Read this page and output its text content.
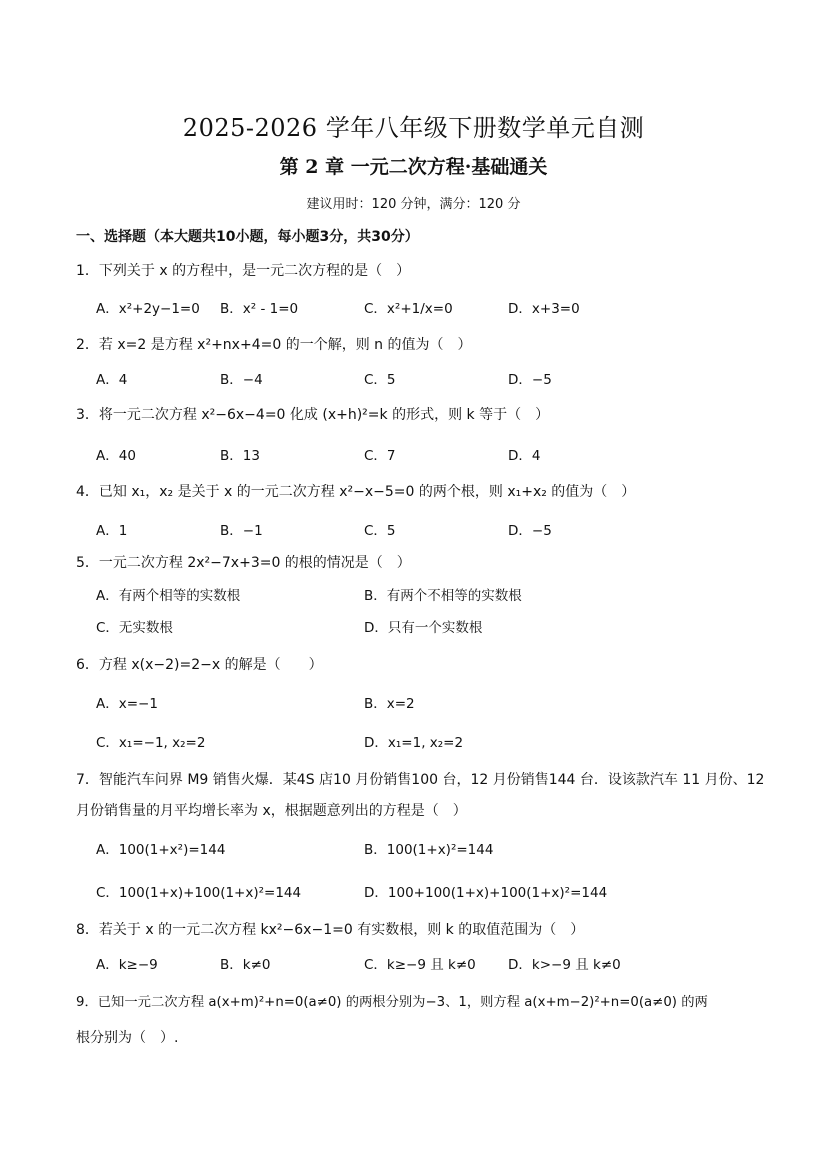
2025-2026 学年八年级下册数学单元自测
第 2 章 一元二次方程·基础通关
建议用时：120 分钟，满分：120 分
一、选择题（本大题共10小题，每小题3分，共30分）
1．下列关于 x 的方程中，是一元二次方程的是（　）
A．x²+2y−1=0 B．x² - 1=0	C．x²+1/x=0	D．x+3=0
2．若 x=2 是方程 x²+nx+4=0 的一个解，则 n 的值为（　）
A．4	B．−4	C．5	D．−5
3．将一元二次方程 x²−6x−4=0 化成 (x+h)²=k 的形式，则 k 等于（　）
A．40	B．13	C．7	D．4
4．已知 x₁，x₂ 是关于 x 的一元二次方程 x²−x−5=0 的两个根，则 x₁+x₂ 的值为（　）
A．1	B．−1	C．5	D．−5
5．一元二次方程 2x²−7x+3=0 的根的情况是（　）
A．有两个相等的实数根	B．有两个不相等的实数根
C．无实数根	D．只有一个实数根
6．方程 x(x−2)=2−x 的解是（　　）
A．x=−1	B．x=2
C．x₁=−1, x₂=2	D．x₁=1, x₂=2
7．智能汽车问界 M9 销售火爆．某4S 店10 月份销售100 台，12 月份销售144 台．设该款汽车 11 月份、12
月份销售量的月平均增长率为 x，根据题意列出的方程是（　）
A．100(1+x²)=144	B．100(1+x)²=144
C．100(1+x)+100(1+x)²=144	D．100+100(1+x)+100(1+x)²=144
8．若关于 x 的一元二次方程 kx²−6x−1=0 有实数根，则 k 的取值范围为（　）
A．k≥−9	B．k≠0	C．k≥−9 且 k≠0 D．k>−9 且 k≠0
9．已知一元二次方程 a(x+m)²+n=0(a≠0) 的两根分别为−3、1，则方程 a(x+m−2)²+n=0(a≠0) 的两
根分别为（　）.
